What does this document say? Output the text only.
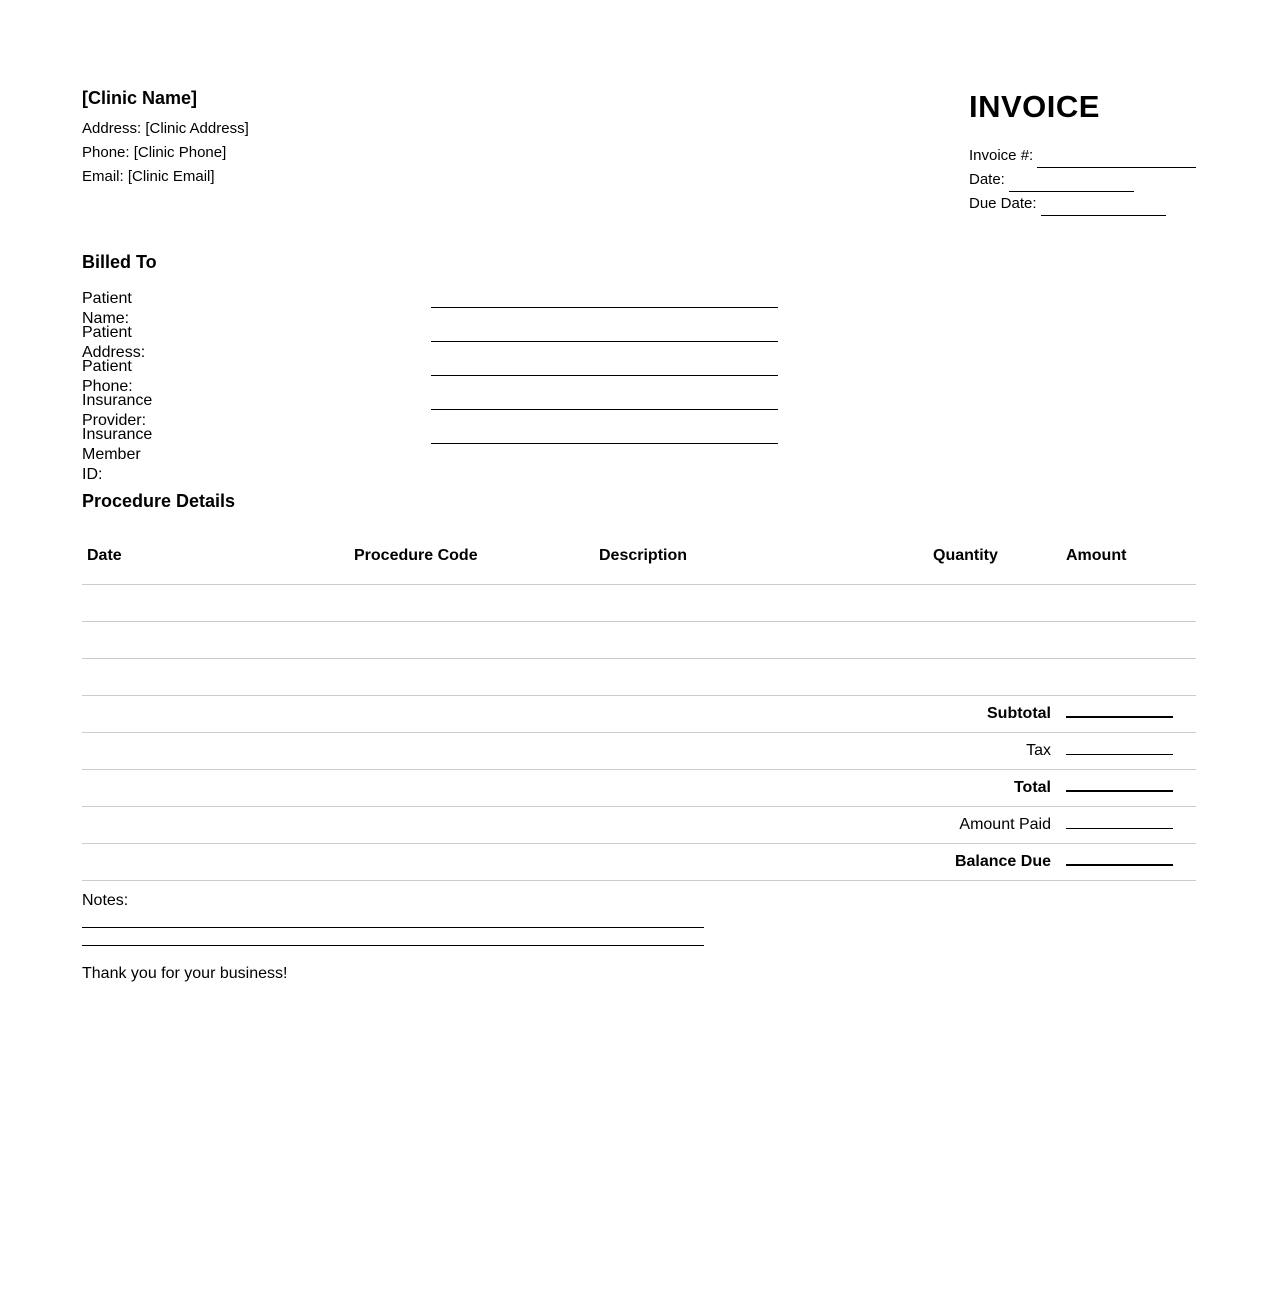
[Clinic Name]
Address: [Clinic Address]
Phone: [Clinic Phone]
Email: [Clinic Email]
INVOICE
Invoice #:
Date:
Due Date:
Billed To
Patient Name:
Patient Address:
Patient Phone:
Insurance Provider:
Insurance Member ID:
Procedure Details
Date	Procedure Code	Description	Quantity	Amount

Subtotal				
Tax				
Total				
Amount Paid				
Balance Due				
Notes:
Thank you for your business!
